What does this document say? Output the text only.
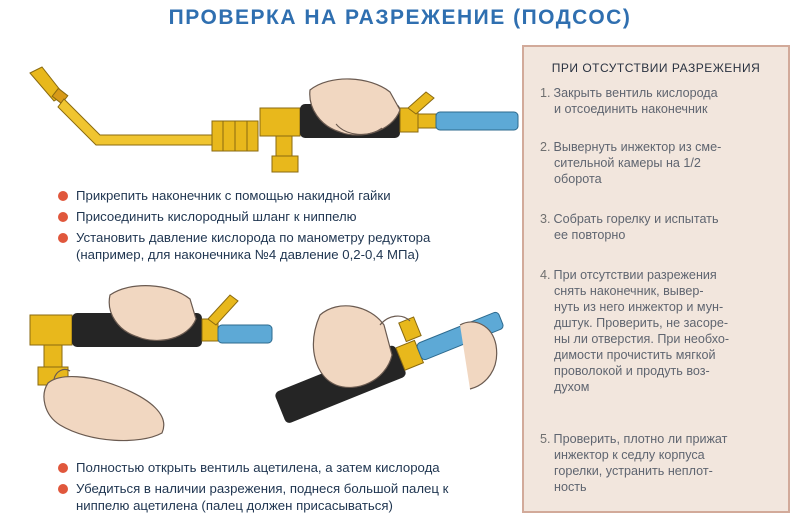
ПРОВЕРКА НА РАЗРЕЖЕНИЕ (ПОДСОС)
Прикрепить наконечник с помощью накидной гайки
Присоединить кислородный шланг к ниппелю
Установить давление кислорода по манометру редуктора
(например, для наконечника №4 давление 0,2-0,4 МПа)
Полностью открыть вентиль ацетилена, а затем кислорода
Убедиться в наличии разрежения, поднеся большой палец к
ниппелю ацетилена (палец должен присасываться)
ПРИ ОТСУТСТВИИ РАЗРЕЖЕНИЯ
1. Закрыть вентиль кислорода
и отсоединить наконечник
2. Вывернуть инжектор из сме-
сительной камеры на 1/2
оборота
3. Собрать горелку и испытать
ее повторно
4. При отсутствии разрежения
снять наконечник, вывер-
нуть из него инжектор и мун-
дштук. Проверить, не засоре-
ны ли отверстия. При необхо-
димости прочистить мягкой
проволокой и продуть воз-
духом
5. Проверить, плотно ли прижат
инжектор к седлу корпуса
горелки, устранить неплот-
ность
